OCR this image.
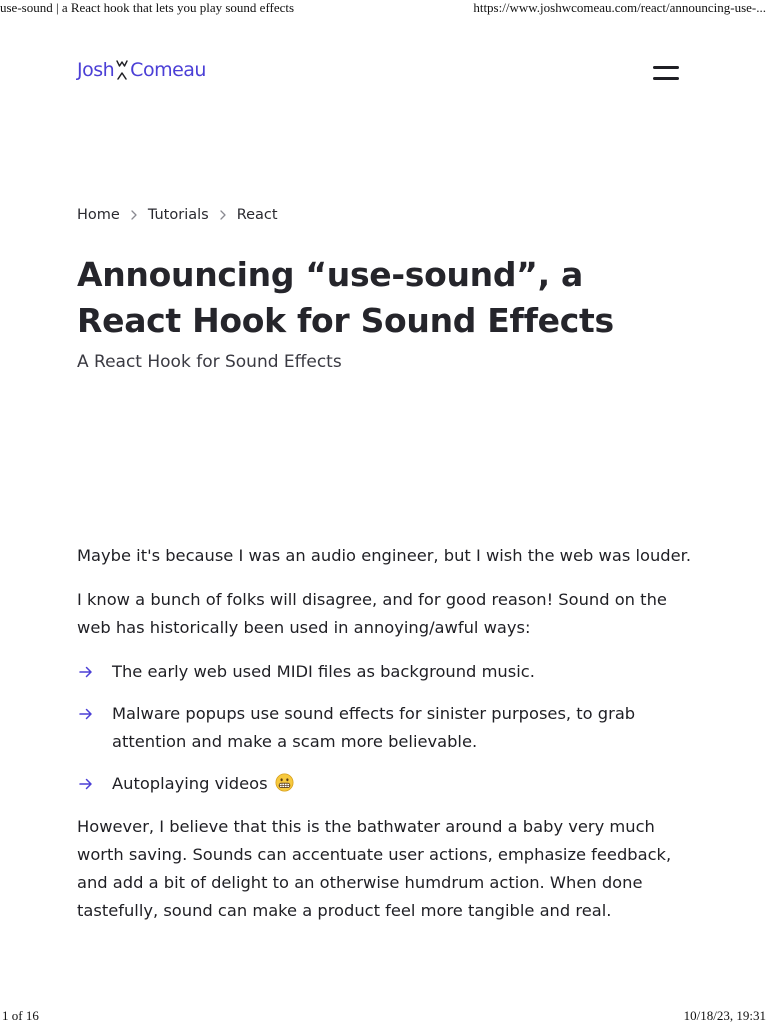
use-sound | a React hook that lets you play sound effects	https://www.joshwcomeau.com/react/announcing-use-...
Josh Comeau
Home Tutorials React
Announcing “use-sound”, a React Hook for Sound Effects

A React Hook for Sound Effects

Maybe it's because I was an audio engineer, but I wish the web was louder.

I know a bunch of folks will disagree, and for good reason! Sound on the web has historically been used in annoying/awful ways:

The early web used MIDI files as background music.
Malware popups use sound effects for sinister purposes, to grab attention and make a scam more believable.
Autoplaying videos

However, I believe that this is the bathwater around a baby very much worth saving. Sounds can accentuate user actions, emphasize feedback, and add a bit of delight to an otherwise humdrum action. When done tastefully, sound can make a product feel more tangible and real.

1 of 16	10/18/23, 19:31
